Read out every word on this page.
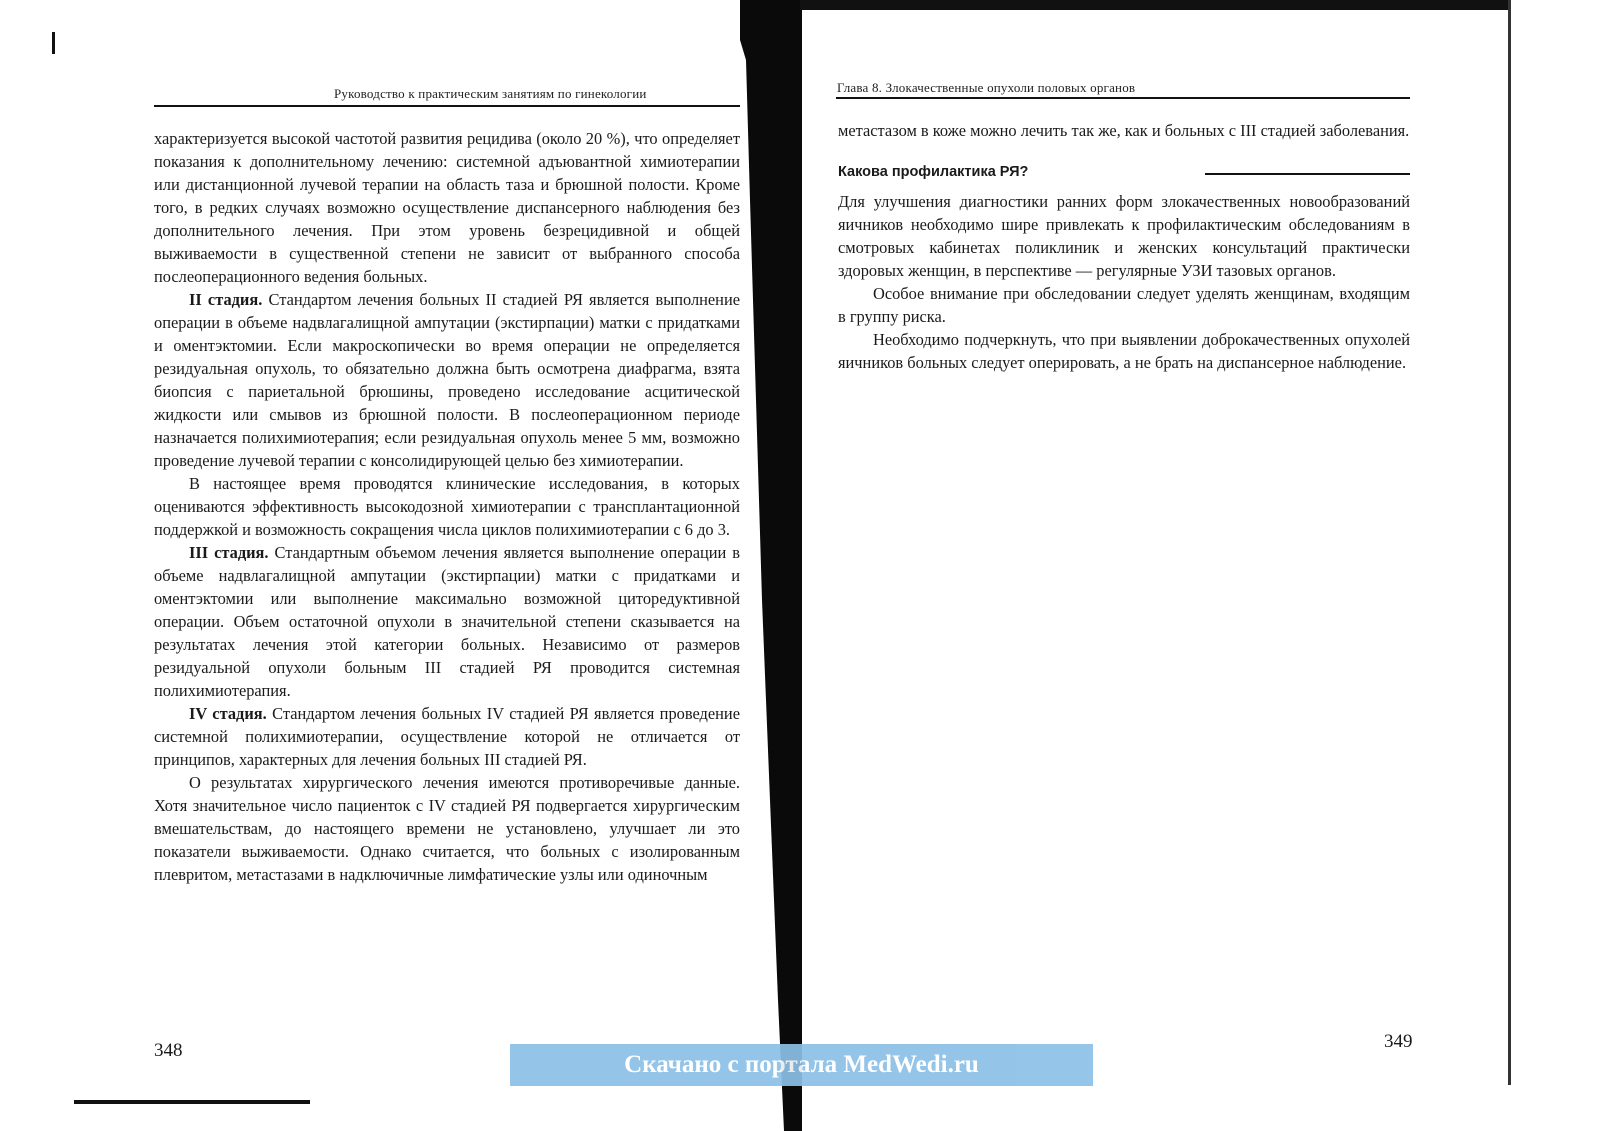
Руководство к практическим занятиям по гинекологии

характеризуется высокой частотой развития рецидива (около 20 %), что определяет показания к дополнительному лечению: системной адъювантной химиотерапии или дистанционной лучевой терапии на область таза и брюшной полости. Кроме того, в редких случаях возможно осуществление диспансерного наблюдения без дополнительного лечения. При этом уровень безрецидивной и общей выживаемости в существенной степени не зависит от выбранного способа послеоперационного ведения больных.

II стадия. Стандартом лечения больных II стадией РЯ является выполнение операции в объеме надвлагалищной ампутации (экстирпации) матки с придатками и оментэктомии. Если макроскопически во время операции не определяется резидуальная опухоль, то обязательно должна быть осмотрена диафрагма, взята биопсия с париетальной брюшины, проведено исследование асцитической жидкости или смывов из брюшной полости. В послеоперационном периоде назначается полихимиотерапия; если резидуальная опухоль менее 5 мм, возможно проведение лучевой терапии с консолидирующей целью без химиотерапии.

В настоящее время проводятся клинические исследования, в которых оцениваются эффективность высокодозной химиотерапии с трансплантационной поддержкой и возможность сокращения числа циклов полихимиотерапии с 6 до 3.

III стадия. Стандартным объемом лечения является выполнение операции в объеме надвлагалищной ампутации (экстирпации) матки с придатками и оментэктомии или выполнение максимально возможной циторедуктивной операции. Объем остаточной опухоли в значительной степени сказывается на результатах лечения этой категории больных. Независимо от размеров резидуальной опухоли больным III стадией РЯ проводится системная полихимиотерапия.

IV стадия. Стандартом лечения больных IV стадией РЯ является проведение системной полихимиотерапии, осуществление которой не отличается от принципов, характерных для лечения больных III стадией РЯ.

О результатах хирургического лечения имеются противоречивые данные. Хотя значительное число пациенток с IV стадией РЯ подвергается хирургическим вмешательствам, до настоящего времени не установлено, улучшает ли это показатели выживаемости. Однако считается, что больных с изолированным плевритом, метастазами в надключичные лимфатические узлы или одиночным

348
Глава 8. Злокачественные опухоли половых органов

метастазом в коже можно лечить так же, как и больных с III стадией заболевания.

Какова профилактика РЯ?

Для улучшения диагностики ранних форм злокачественных новообразований яичников необходимо шире привлекать к профилактическим обследованиям в смотровых кабинетах поликлиник и женских консультаций практически здоровых женщин, в перспективе — регулярные УЗИ тазовых органов.

Особое внимание при обследовании следует уделять женщинам, входящим в группу риска.

Необходимо подчеркнуть, что при выявлении доброкачественных опухолей яичников больных следует оперировать, а не брать на диспансерное наблюдение.

349
Скачано с портала MedWedi.ru
